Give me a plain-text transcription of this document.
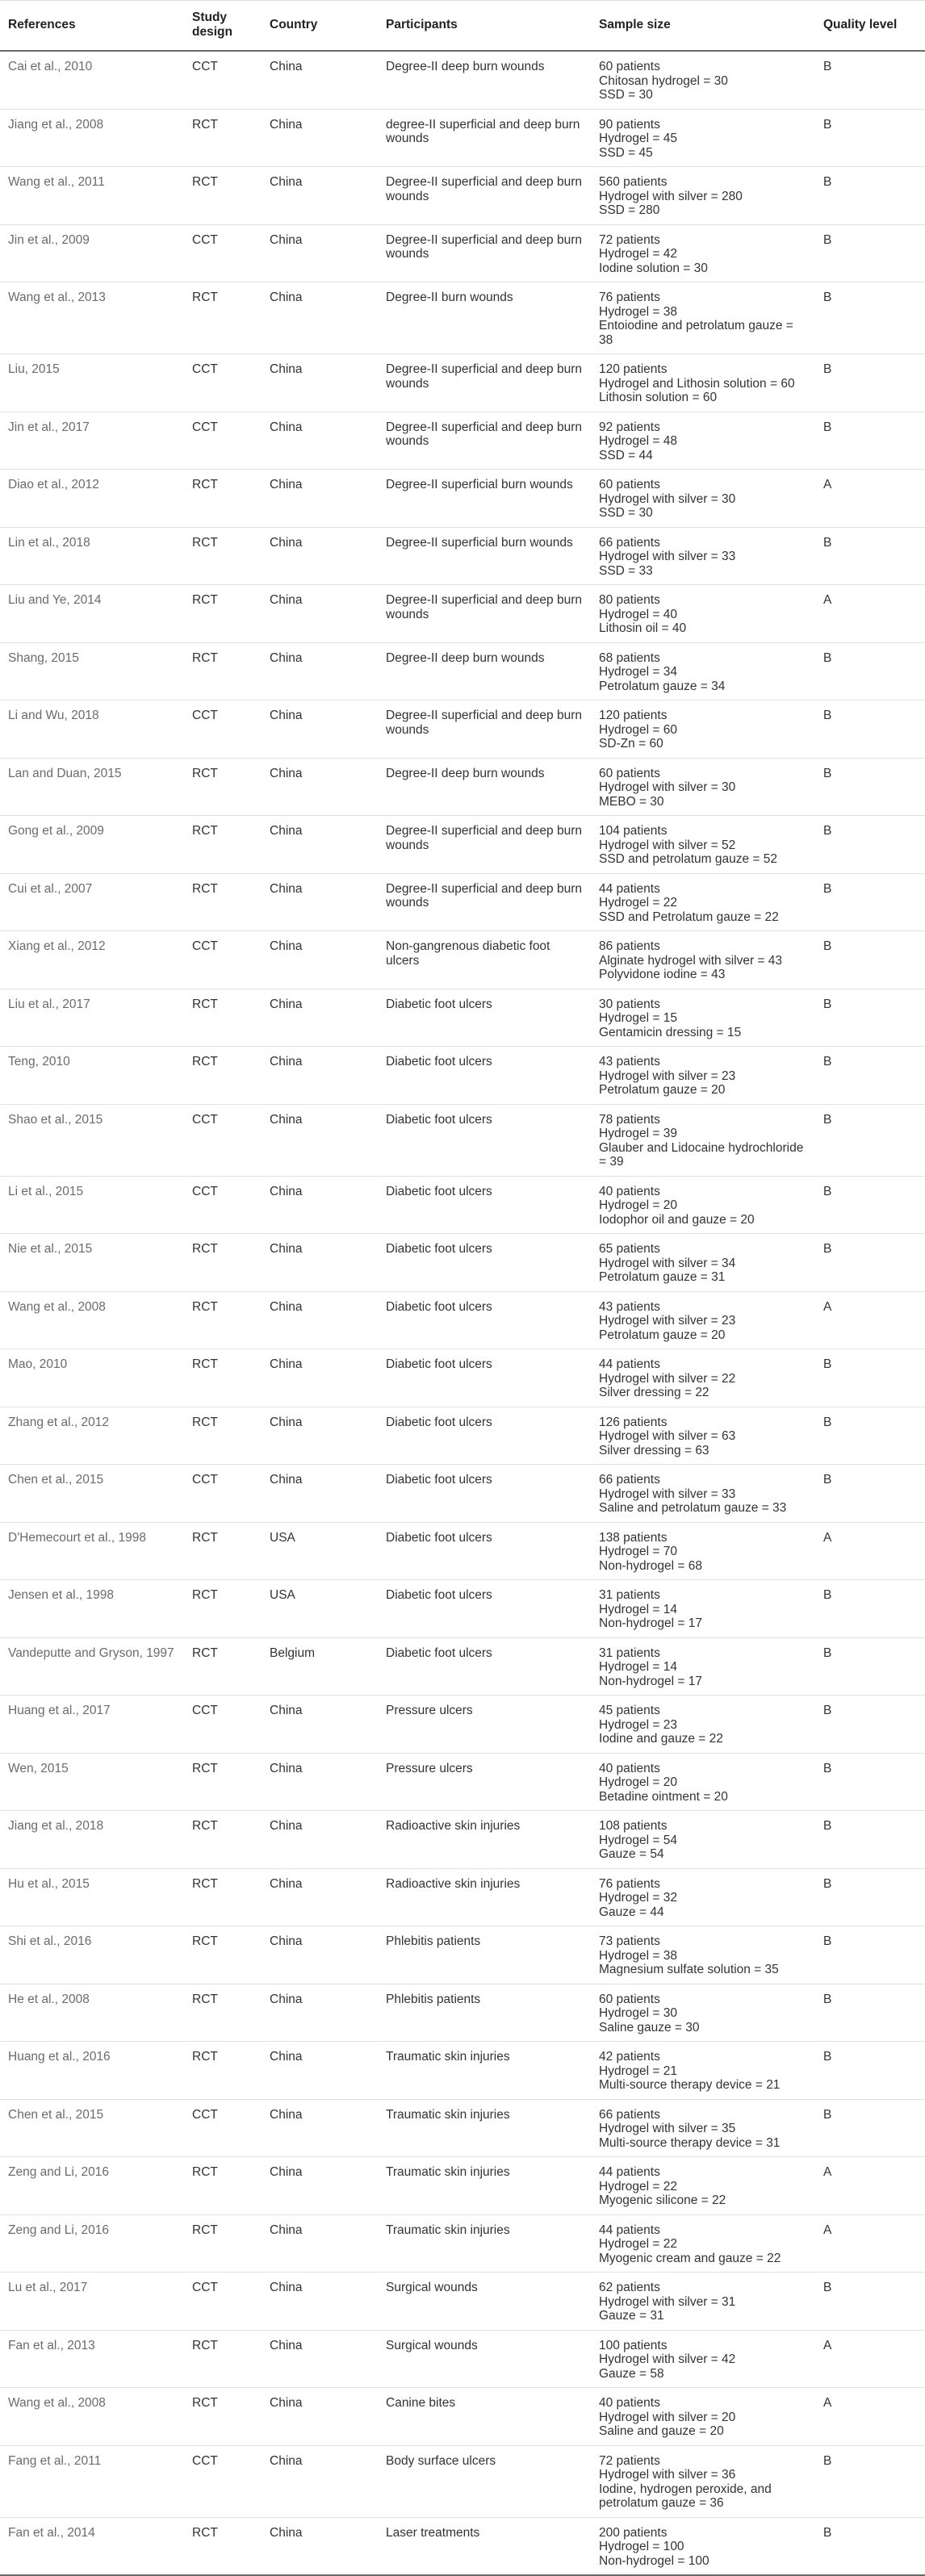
References	Study design	Country	Participants	Sample size	Quality level
Cai et al., 2010	CCT	China	Degree-II deep burn wounds	60 patients
Chitosan hydrogel = 30
SSD = 30	B
Jiang et al., 2008	RCT	China	degree-II superficial and deep burn wounds	90 patients
Hydrogel = 45
SSD = 45	B
Wang et al., 2011	RCT	China	Degree-II superficial and deep burn wounds	560 patients
Hydrogel with silver = 280
SSD = 280	B
Jin et al., 2009	CCT	China	Degree-II superficial and deep burn wounds	72 patients
Hydrogel = 42
Iodine solution = 30	B
Wang et al., 2013	RCT	China	Degree-II burn wounds	76 patients
Hydrogel = 38
Entoiodine and petrolatum gauze = 38	B
Liu, 2015	CCT	China	Degree-II superficial and deep burn wounds	120 patients
Hydrogel and Lithosin solution = 60
Lithosin solution = 60	B
Jin et al., 2017	CCT	China	Degree-II superficial and deep burn wounds	92 patients
Hydrogel = 48
SSD = 44	B
Diao et al., 2012	RCT	China	Degree-II superficial burn wounds	60 patients
Hydrogel with silver = 30
SSD = 30	A
Lin et al., 2018	RCT	China	Degree-II superficial burn wounds	66 patients
Hydrogel with silver = 33
SSD = 33	B
Liu and Ye, 2014	RCT	China	Degree-II superficial and deep burn wounds	80 patients
Hydrogel = 40
Lithosin oil = 40	A
Shang, 2015	RCT	China	Degree-II deep burn wounds	68 patients
Hydrogel = 34
Petrolatum gauze = 34	B
Li and Wu, 2018	CCT	China	Degree-II superficial and deep burn wounds	120 patients
Hydrogel = 60
SD-Zn = 60	B
Lan and Duan, 2015	RCT	China	Degree-II deep burn wounds	60 patients
Hydrogel with silver = 30
MEBO = 30	B
Gong et al., 2009	RCT	China	Degree-II superficial and deep burn wounds	104 patients
Hydrogel with silver = 52
SSD and petrolatum gauze = 52	B
Cui et al., 2007	RCT	China	Degree-II superficial and deep burn wounds	44 patients
Hydrogel = 22
SSD and Petrolatum gauze = 22	B
Xiang et al., 2012	CCT	China	Non-gangrenous diabetic foot ulcers	86 patients
Alginate hydrogel with silver = 43
Polyvidone iodine = 43	B
Liu et al., 2017	RCT	China	Diabetic foot ulcers	30 patients
Hydrogel = 15
Gentamicin dressing = 15	B
Teng, 2010	RCT	China	Diabetic foot ulcers	43 patients
Hydrogel with silver = 23
Petrolatum gauze = 20	B
Shao et al., 2015	CCT	China	Diabetic foot ulcers	78 patients
Hydrogel = 39
Glauber and Lidocaine hydrochloride = 39	B
Li et al., 2015	CCT	China	Diabetic foot ulcers	40 patients
Hydrogel = 20
Iodophor oil and gauze = 20	B
Nie et al., 2015	RCT	China	Diabetic foot ulcers	65 patients
Hydrogel with silver = 34
Petrolatum gauze = 31	B
Wang et al., 2008	RCT	China	Diabetic foot ulcers	43 patients
Hydrogel with silver = 23
Petrolatum gauze = 20	A
Mao, 2010	RCT	China	Diabetic foot ulcers	44 patients
Hydrogel with silver = 22
Silver dressing = 22	B
Zhang et al., 2012	RCT	China	Diabetic foot ulcers	126 patients
Hydrogel with silver = 63
Silver dressing = 63	B
Chen et al., 2015	CCT	China	Diabetic foot ulcers	66 patients
Hydrogel with silver = 33
Saline and petrolatum gauze = 33	B
D'Hemecourt et al., 1998	RCT	USA	Diabetic foot ulcers	138 patients
Hydrogel = 70
Non-hydrogel = 68	A
Jensen et al., 1998	RCT	USA	Diabetic foot ulcers	31 patients
Hydrogel = 14
Non-hydrogel = 17	B
Vandeputte and Gryson, 1997	RCT	Belgium	Diabetic foot ulcers	31 patients
Hydrogel = 14
Non-hydrogel = 17	B
Huang et al., 2017	CCT	China	Pressure ulcers	45 patients
Hydrogel = 23
Iodine and gauze = 22	B
Wen, 2015	RCT	China	Pressure ulcers	40 patients
Hydrogel = 20
Betadine ointment = 20	B
Jiang et al., 2018	RCT	China	Radioactive skin injuries	108 patients
Hydrogel = 54
Gauze = 54	B
Hu et al., 2015	RCT	China	Radioactive skin injuries	76 patients
Hydrogel = 32
Gauze = 44	B
Shi et al., 2016	RCT	China	Phlebitis patients	73 patients
Hydrogel = 38
Magnesium sulfate solution = 35	B
He et al., 2008	RCT	China	Phlebitis patients	60 patients
Hydrogel = 30
Saline gauze = 30	B
Huang et al., 2016	RCT	China	Traumatic skin injuries	42 patients
Hydrogel = 21
Multi-source therapy device = 21	B
Chen et al., 2015	CCT	China	Traumatic skin injuries	66 patients
Hydrogel with silver = 35
Multi-source therapy device = 31	B
Zeng and Li, 2016	RCT	China	Traumatic skin injuries	44 patients
Hydrogel = 22
Myogenic silicone = 22	A
Zeng and Li, 2016	RCT	China	Traumatic skin injuries	44 patients
Hydrogel = 22
Myogenic cream and gauze = 22	A
Lu et al., 2017	CCT	China	Surgical wounds	62 patients
Hydrogel with silver = 31
Gauze = 31	B
Fan et al., 2013	RCT	China	Surgical wounds	100 patients
Hydrogel with silver = 42
Gauze = 58	A
Wang et al., 2008	RCT	China	Canine bites	40 patients
Hydrogel with silver = 20
Saline and gauze = 20	A
Fang et al., 2011	CCT	China	Body surface ulcers	72 patients
Hydrogel with silver = 36
Iodine, hydrogen peroxide, and petrolatum gauze = 36	B
Fan et al., 2014	RCT	China	Laser treatments	200 patients
Hydrogel = 100
Non-hydrogel = 100	B
